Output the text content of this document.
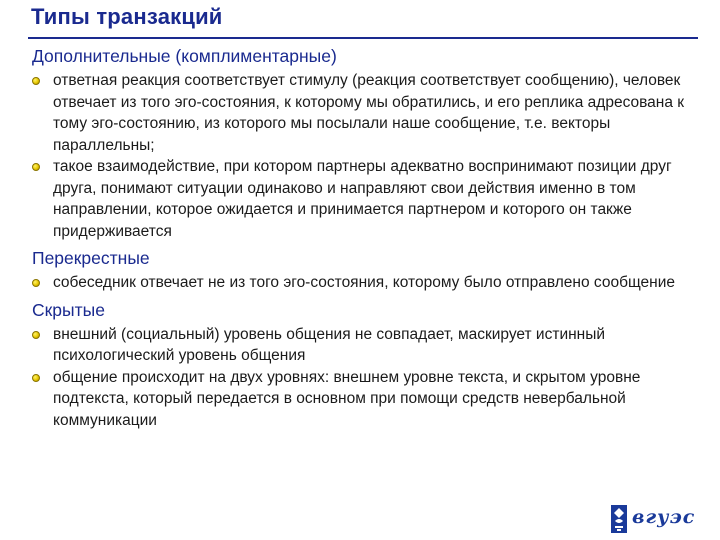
Типы транзакций

Дополнительные (комплиментарные)

ответная реакция соответствует стимулу (реакция соответствует сообщению), человек отвечает из того эго-состояния, к которому мы обратились, и его реплика адресована к тому эго-состоянию, из которого мы посылали наше сообщение, т.е. векторы параллельны;
такое взаимодействие, при котором партнеры адекватно воспринимают позиции друг друга, понимают ситуации одинаково и направляют свои действия именно в том направлении, которое ожидается и принимается партнером и которого он также придерживается

Перекрестные

собеседник отвечает не из того эго-состояния, которому было отправлено сообщение

Скрытые

внешний (социальный) уровень общения не совпадает, маскирует истинный психологический уровень общения
общение происходит на двух уровнях: внешнем уровне текста, и скрытом уровне подтекста, который передается в основном при помощи средств невербальной коммуникации
вгуэс
